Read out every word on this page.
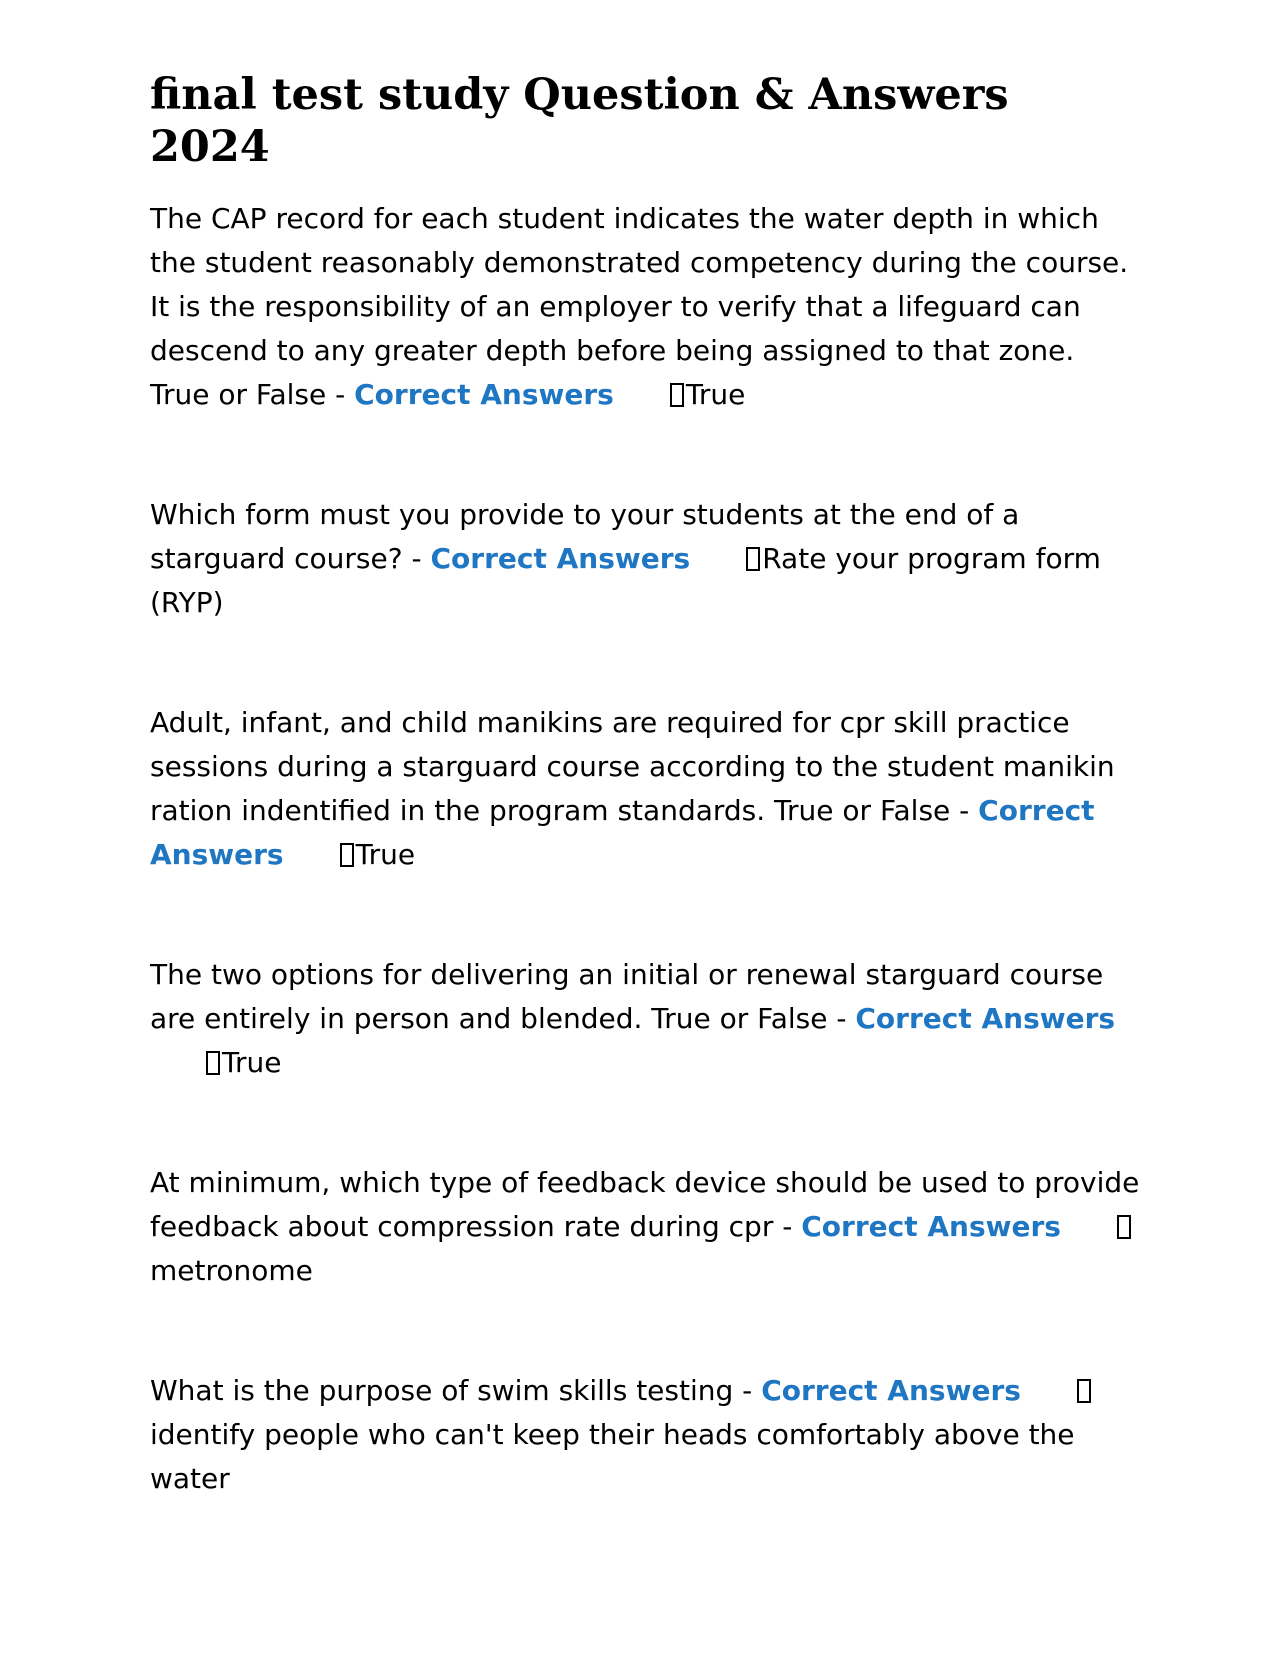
final test study Question & Answers 2024
The CAP record for each student indicates the water depth in which the student reasonably demonstrated competency during the course. It is the responsibility of an employer to verify that a lifeguard can descend to any greater depth before being assigned to that zone. True or False - Correct Answers	True
Which form must you provide to your students at the end of a starguard course? - Correct Answers	Rate your program form (RYP)
Adult, infant, and child manikins are required for cpr skill practice sessions during a starguard course according to the student manikin ration indentified in the program standards. True or False - Correct Answers	True
The two options for delivering an initial or renewal starguard course are entirely in person and blended. True or False - Correct AnswersTrue
At minimum, which type of feedback device should be used to provide feedback about compression rate during cpr - Correct Answersmetronome
What is the purpose of swim skills testing - Correct Answersidentify people who can't keep their heads comfortably above the water
